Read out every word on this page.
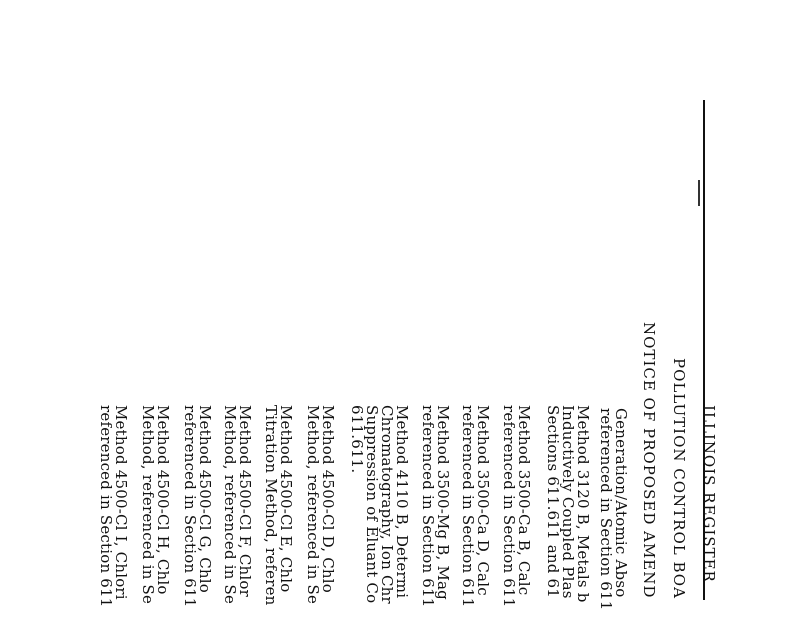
ILLINOIS REGISTER
POLLUTION CONTROL BOA
NOTICE OF PROPOSED AMEND
Generation/Atomic Abso
referenced in Section 611
Method 3120 B, Metals b
Inductively Coupled Plas
Sections 611.611 and 61
Method 3500-Ca B, Calc
referenced in Section 611
Method 3500-Ca D, Calc
referenced in Section 611
Method 3500-Mg B, Mag
referenced in Section 611
Method 4110 B, Determi
Chromatography, Ion Chr
Suppression of Eluant Co
611.611.
Method 4500-Cl D, Chlo
Method, referenced in Se
Method 4500-Cl E, Chlo
Titration Method, referen
Method 4500-Cl F, Chlor
Method, referenced in Se
Method 4500-Cl G, Chlo
referenced in Section 611
Method 4500-Cl H, Chlo
Method, referenced in Se
Method 4500-Cl I, Chlori
referenced in Section 611
